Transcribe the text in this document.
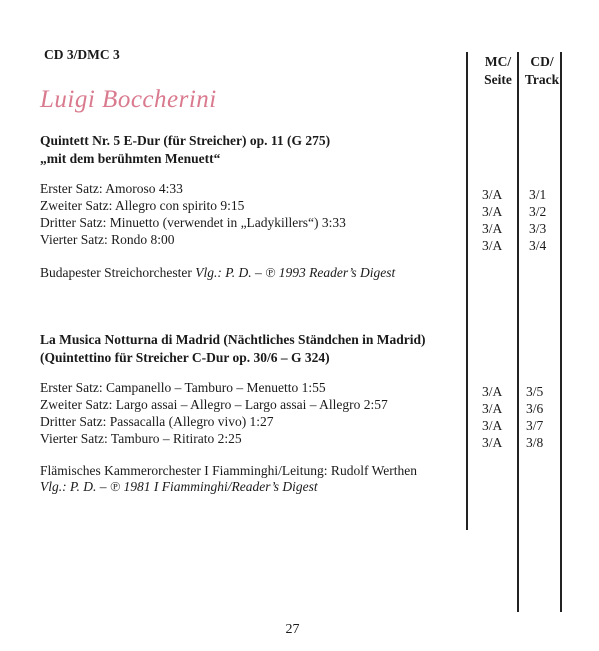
CD 3/DMC 3
Luigi Boccherini
MC/
Seite
CD/
Track
Quintett Nr. 5 E-Dur (für Streicher) op. 11 (G 275)
„mit dem berühmten Menuett“
Erster Satz: Amoroso 4:33
Zweiter Satz: Allegro con spirito 9:15
Dritter Satz: Minuetto (verwendet in „Ladykillers“) 3:33
Vierter Satz: Rondo 8:00
3/A
3/A
3/A
3/A
3/1
3/2
3/3
3/4
Budapester Streichorchester Vlg.: P. D. – ℗ 1993 Reader’s Digest
La Musica Notturna di Madrid (Nächtliches Ständchen in Madrid)
(Quintettino für Streicher C-Dur op. 30/6 – G 324)
Erster Satz: Campanello – Tamburo – Menuetto 1:55
Zweiter Satz: Largo assai – Allegro – Largo assai – Allegro 2:57
Dritter Satz: Passacalla (Allegro vivo) 1:27
Vierter Satz: Tamburo – Ritirato 2:25
3/A
3/A
3/A
3/A
3/5
3/6
3/7
3/8
Flämisches Kammerorchester I Fiamminghi/Leitung: Rudolf Werthen
Vlg.: P. D. – ℗ 1981 I Fiamminghi/Reader’s Digest
27
